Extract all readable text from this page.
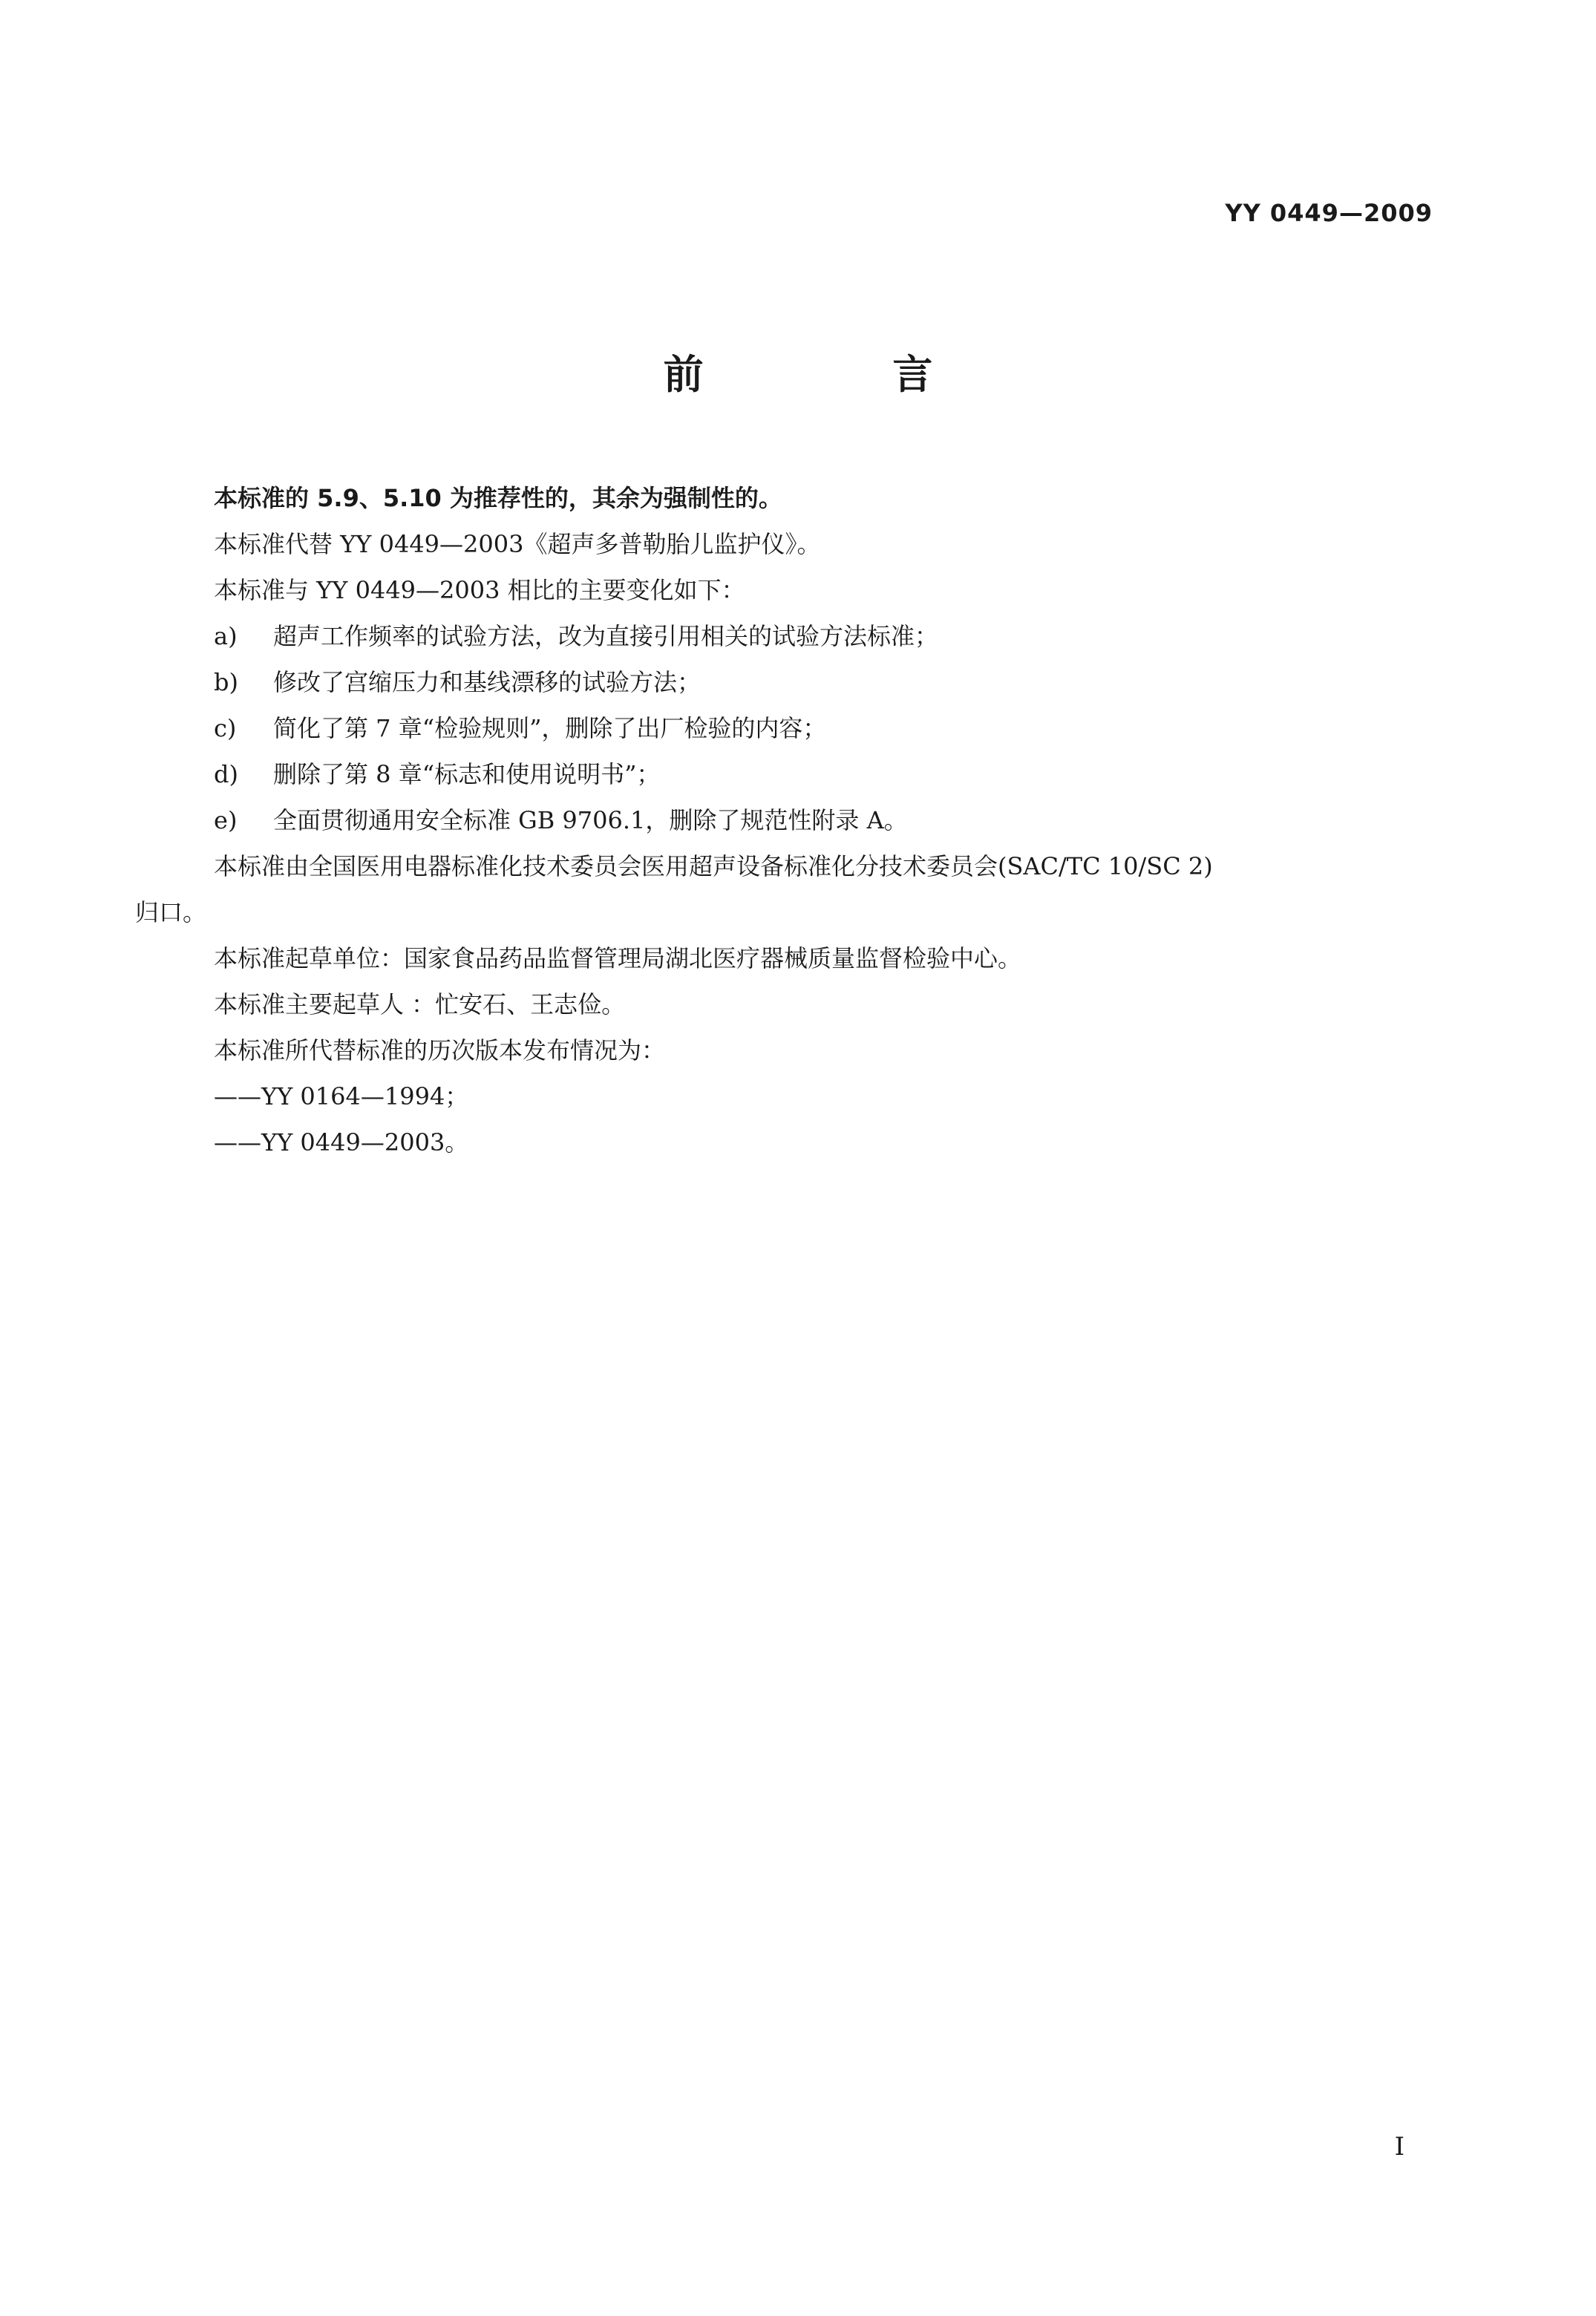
YY 0449—2009
前 言
本标准的 5.9、5.10 为推荐性的，其余为强制性的。
本标准代替 YY 0449—2003《超声多普勒胎儿监护仪》。
本标准与 YY 0449—2003 相比的主要变化如下：
a)	超声工作频率的试验方法，改为直接引用相关的试验方法标准；
b)	修改了宫缩压力和基线漂移的试验方法；
c)	简化了第 7 章“检验规则”，删除了出厂检验的内容；
d)	删除了第 8 章“标志和使用说明书”；
e)	全面贯彻通用安全标准 GB 9706.1，删除了规范性附录 A。
本标准由全国医用电器标准化技术委员会医用超声设备标准化分技术委员会(SAC/TC 10/SC 2)
归口。
本标准起草单位：国家食品药品监督管理局湖北医疗器械质量监督检验中心。
本标准主要起草人 ：忙安石、王志俭。
本标准所代替标准的历次版本发布情况为：
——YY 0164—1994；
——YY 0449—2003。
I
